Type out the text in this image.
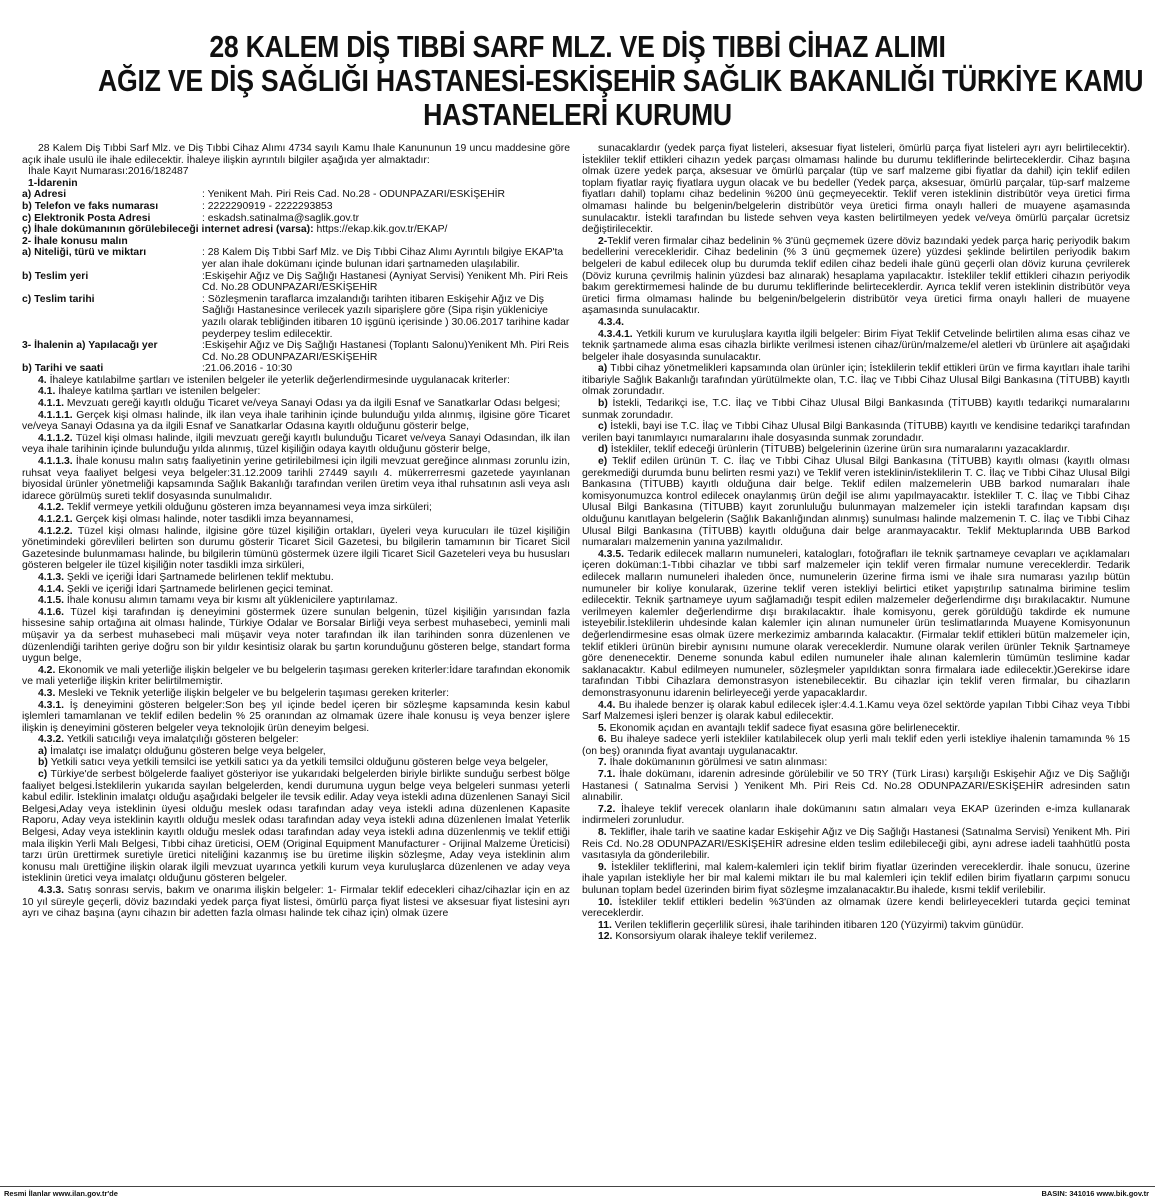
28 KALEM DİŞ TIBBİ SARF MLZ. VE DİŞ TIBBİ CİHAZ ALIMI
AĞIZ VE DİŞ SAĞLIĞI HASTANESİ-ESKİŞEHİR SAĞLIK BAKANLIĞI TÜRKİYE KAMU
HASTANELERİ KURUMU

28 Kalem Diş Tıbbi Sarf Mlz. ve Diş Tıbbi Cihaz Alımı 4734 sayılı Kamu İhale Kanununun 19 uncu maddesine göre açık ihale usulü ile ihale edilecektir. İhaleye ilişkin ayrıntılı bilgiler aşağıda yer almaktadır:

İhale Kayıt Numarası:2016/182487

1-İdarenin

a) Adresi	: Yenikent Mah. Piri Reis Cad. No.28 - ODUNPAZARI/ESKİŞEHİR
b) Telefon ve faks numarası	: 2222290919 - 2222293853
c) Elektronik Posta Adresi	: eskadsh.satinalma@saglik.gov.tr

ç) İhale dokümanının görülebileceği internet adresi (varsa): https://ekap.kik.gov.tr/EKAP/

2- İhale konusu malın

a) Niteliği, türü ve miktarı	: 28 Kalem Diş Tıbbi Sarf Mlz. ve Diş Tıbbi Cihaz Alımı Ayrıntılı bilgiye EKAP'ta yer alan ihale dokümanı içinde bulunan idari şartnameden ulaşılabilir.
b) Teslim yeri	:Eskişehir Ağız ve Diş Sağlığı Hastanesi (Ayniyat Servisi) Yenikent Mh. Piri Reis Cd. No.28 ODUNPAZARI/ESKİŞEHİR
c) Teslim tarihi	: Sözleşmenin taraflarca imzalandığı tarihten itibaren Eskişehir Ağız ve Diş Sağlığı Hastanesince verilecek yazılı siparişlere göre (Sipa rişin yükleniciye yazılı olarak tebliğinden itibaren 10 işgünü içerisinde ) 30.06.2017 tarihine kadar peyderpey teslim edilecektir.
3- İhalenin a) Yapılacağı yer	:Eskişehir Ağız ve Diş Sağlığı Hastanesi (Toplantı Salonu)Yenikent Mh. Piri Reis Cd. No.28 ODUNPAZARI/ESKİŞEHİR
b) Tarihi ve saati	:21.06.2016 - 10:30

4. İhaleye katılabilme şartları ve istenilen belgeler ile yeterlik değerlendirmesinde uygulanacak kriterler:

4.1. İhaleye katılma şartları ve istenilen belgeler:

4.1.1. Mevzuatı gereği kayıtlı olduğu Ticaret ve/veya Sanayi Odası ya da ilgili Esnaf ve Sanatkarlar Odası belgesi;

4.1.1.1. Gerçek kişi olması halinde, ilk ilan veya ihale tarihinin içinde bulunduğu yılda alınmış, ilgisine göre Ticaret ve/veya Sanayi Odasına ya da ilgili Esnaf ve Sanatkarlar Odasına kayıtlı olduğunu gösterir belge,

4.1.1.2. Tüzel kişi olması halinde, ilgili mevzuatı gereği kayıtlı bulunduğu Ticaret ve/veya Sanayi Odasından, ilk ilan veya ihale tarihinin içinde bulunduğu yılda alınmış, tüzel kişiliğin odaya kayıtlı olduğunu gösterir belge,

4.1.1.3. İhale konusu malın satış faaliyetinin yerine getirilebilmesi için ilgili mevzuat gereğince alınması zorunlu izin, ruhsat veya faaliyet belgesi veya belgeler:31.12.2009 tarihli 27449 sayılı 4. mükerrerresmi gazetede yayınlanan biyosidal ürünler yönetmeliği kapsamında Sağlık Bakanlığı tarafından verilen üretim veya ithal ruhsatının asli veya aslı idarece görülmüş sureti teklif dosyasında sunulmalıdır.

4.1.2. Teklif vermeye yetkili olduğunu gösteren imza beyannamesi veya imza sirküleri;

4.1.2.1. Gerçek kişi olması halinde, noter tasdikli imza beyannamesi,

4.1.2.2. Tüzel kişi olması halinde, ilgisine göre tüzel kişiliğin ortakları, üyeleri veya kurucuları ile tüzel kişiliğin yönetimindeki görevlileri belirten son durumu gösterir Ticaret Sicil Gazetesi, bu bilgilerin tamamının bir Ticaret Sicil Gazetesinde bulunmaması halinde, bu bilgilerin tümünü göstermek üzere ilgili Ticaret Sicil Gazeteleri veya bu hususları gösteren belgeler ile tüzel kişiliğin noter tasdikli imza sirküleri,

4.1.3. Şekli ve içeriği İdari Şartnamede belirlenen teklif mektubu.

4.1.4. Şekli ve içeriği İdari Şartnamede belirlenen geçici teminat.

4.1.5. İhale konusu alımın tamamı veya bir kısmı alt yüklenicilere yaptırılamaz.

4.1.6. Tüzel kişi tarafından iş deneyimini göstermek üzere sunulan belgenin, tüzel kişiliğin yarısından fazla hissesine sahip ortağına ait olması halinde, Türkiye Odalar ve Borsalar Birliği veya serbest muhasebeci, yeminli mali müşavir ya da serbest muhasebeci mali müşavir veya noter tarafından ilk ilan tarihinden sonra düzenlenen ve düzenlendiği tarihten geriye doğru son bir yıldır kesintisiz olarak bu şartın korunduğunu gösteren belge, standart forma uygun belge,

4.2. Ekonomik ve mali yeterliğe ilişkin belgeler ve bu belgelerin taşıması gereken kriterler:İdare tarafından ekonomik ve mali yeterliğe ilişkin kriter belirtilmemiştir.

4.3. Mesleki ve Teknik yeterliğe ilişkin belgeler ve bu belgelerin taşıması gereken kriterler:

4.3.1. İş deneyimini gösteren belgeler:Son beş yıl içinde bedel içeren bir sözleşme kapsamında kesin kabul işlemleri tamamlanan ve teklif edilen bedelin % 25 oranından az olmamak üzere ihale konusu iş veya benzer işlere ilişkin iş deneyimini gösteren belgeler veya teknolojik ürün deneyim belgesi.

4.3.2. Yetkili satıcılığı veya imalatçılığı gösteren belgeler:

a) İmalatçı ise imalatçı olduğunu gösteren belge veya belgeler,

b) Yetkili satıcı veya yetkili temsilci ise yetkili satıcı ya da yetkili temsilci olduğunu gösteren belge veya belgeler,

c) Türkiye'de serbest bölgelerde faaliyet gösteriyor ise yukarıdaki belgelerden biriyle birlikte sunduğu serbest bölge faaliyet belgesi.İsteklilerin yukarıda sayılan belgelerden, kendi durumuna uygun belge veya belgeleri sunması yeterli kabul edilir. İsteklinin imalatçı olduğu aşağıdaki belgeler ile tevsik edilir. Aday veya istekli adına düzenlenen Sanayi Sicil Belgesi,Aday veya isteklinin üyesi olduğu meslek odası tarafından aday veya istekli adına düzenlenen Kapasite Raporu, Aday veya isteklinin kayıtlı olduğu meslek odası tarafından aday veya istekli adına düzenlenen İmalat Yeterlik Belgesi, Aday veya isteklinin kayıtlı olduğu meslek odası tarafından aday veya istekli adına düzenlenmiş ve teklif ettiği mala ilişkin Yerli Malı Belgesi, Tıbbi cihaz üreticisi, OEM (Original Equipment Manufacturer - Orijinal Malzeme Üreticisi) tarzı ürün ürettirmek suretiyle üretici niteliğini kazanmış ise bu üretime ilişkin sözleşme, Aday veya isteklinin alım konusu malı ürettiğine ilişkin olarak ilgili mevzuat uyarınca yetkili kurum veya kuruluşlarca düzenlenen ve aday veya isteklinin üretici veya imalatçı olduğunu gösteren belgeler.

4.3.3. Satış sonrası servis, bakım ve onarıma ilişkin belgeler: 1- Firmalar teklif edecekleri cihaz/cihazlar için en az 10 yıl süreyle geçerli, döviz bazındaki yedek parça fiyat listesi, ömürlü parça fiyat listesi ve aksesuar fiyat listesini ayrı ayrı ve cihaz başına (aynı cihazın bir adetten fazla olması halinde tek cihaz için) olmak üzere

sunacaklardır (yedek parça fiyat listeleri, aksesuar fiyat listeleri, ömürlü parça fiyat listeleri ayrı ayrı belirtilecektir). İstekliler teklif ettikleri cihazın yedek parçası olmaması halinde bu durumu tekliflerinde belirteceklerdir. Cihaz başına olmak üzere yedek parça, aksesuar ve ömürlü parçalar (tüp ve sarf malzeme gibi fiyatlar da dahil) için teklif edilen toplam fiyatlar rayiç fiyatlara uygun olacak ve bu bedeller (Yedek parça, aksesuar, ömürlü parçalar, tüp-sarf malzeme fiyatları dahil) toplamı cihaz bedelinin %200 ünü geçmeyecektir. Teklif veren isteklinin distribütör veya üretici firma olmaması halinde bu belgenin/belgelerin distribütör veya üretici firma onaylı halleri de muayene aşamasında sunulacaktır. İstekli tarafından bu listede sehven veya kasten belirtilmeyen yedek ve/veya ömürlü parçalar ücretsiz değiştirilecektir.

2-Teklif veren firmalar cihaz bedelinin % 3'ünü geçmemek üzere döviz bazındaki yedek parça hariç periyodik bakım bedellerini verecekleridir. Cihaz bedelinin (% 3 ünü geçmemek üzere) yüzdesi şeklinde belirtilen periyodik bakım belgeleri de kabul edilecek olup bu durumda teklif edilen cihaz bedeli ihale günü geçerli olan döviz kuruna çevrilerek (Döviz kuruna çevrilmiş halinin yüzdesi baz alınarak) hesaplama yapılacaktır. İstekliler teklif ettikleri cihazın periyodik bakım gerektirmemesi halinde de bu durumu tekliflerinde belirteceklerdir. Ayrıca teklif veren isteklinin distribütör veya üretici firma olmaması halinde bu belgenin/belgelerin distribütör veya üretici firma onaylı halleri de muayene aşamasında sunulacaktır.

4.3.4.

4.3.4.1. Yetkili kurum ve kuruluşlara kayıtla ilgili belgeler: Birim Fiyat Teklif Cetvelinde belirtilen alıma esas cihaz ve teknik şartnamede alıma esas cihazla birlikte verilmesi istenen cihaz/ürün/malzeme/el aletleri vb ürünlere ait aşağıdaki belgeler ihale dosyasında sunulacaktır.

a) Tıbbi cihaz yönetmelikleri kapsamında olan ürünler için; İsteklilerin teklif ettikleri ürün ve firma kayıtları ihale tarihi itibariyle Sağlık Bakanlığı tarafından yürütülmekte olan, T.C. İlaç ve Tıbbi Cihaz Ulusal Bilgi Bankasına (TİTUBB) kayıtlı olmak zorundadır.

b) İstekli, Tedarikçi ise, T.C. İlaç ve Tıbbi Cihaz Ulusal Bilgi Bankasında (TİTUBB) kayıtlı tedarikçi numaralarını sunmak zorundadır.

c) İstekli, bayi ise T.C. İlaç ve Tıbbi Cihaz Ulusal Bilgi Bankasında (TİTUBB) kayıtlı ve kendisine tedarikçi tarafından verilen bayi tanımlayıcı numaralarını ihale dosyasında sunmak zorundadır.

d) İstekliler, teklif edeceği ürünlerin (TİTUBB) belgelerinin üzerine ürün sıra numaralarını yazacaklardır.

e) Teklif edilen ürünün T. C. İlaç ve Tıbbi Cihaz Ulusal Bilgi Bankasına (TİTUBB) kayıtlı olması (kayıtlı olması gerekmediği durumda bunu belirten resmi yazı) ve Teklif veren isteklinin/isteklilerin T. C. İlaç ve Tıbbi Cihaz Ulusal Bilgi Bankasına (TİTUBB) kayıtlı olduğuna dair belge. Teklif edilen malzemelerin UBB barkod numaraları ihale komisyonumuzca kontrol edilecek onaylanmış ürün değil ise alımı yapılmayacaktır. İstekliler T. C. İlaç ve Tıbbi Cihaz Ulusal Bilgi Bankasına (TİTUBB) kayıt zorunluluğu bulunmayan malzemeler için istekli tarafından kapsam dışı olduğunu kanıtlayan belgelerin (Sağlık Bakanlığından alınmış) sunulması halinde malzemenin T. C. İlaç ve Tıbbi Cihaz Ulusal Bilgi Bankasına (TİTUBB) kayıtlı olduğuna dair belge aranmayacaktır. Teklif Mektuplarında UBB Barkod numaraları malzemenin yanına yazılmalıdır.

4.3.5. Tedarik edilecek malların numuneleri, katalogları, fotoğrafları ile teknik şartnameye cevapları ve açıklamaları içeren doküman:1-Tıbbi cihazlar ve tıbbi sarf malzemeler için teklif veren firmalar numune vereceklerdir. Tedarik edilecek malların numuneleri ihaleden önce, numunelerin üzerine firma ismi ve ihale sıra numarası yazılıp bütün numuneler bir koliye konularak, üzerine teklif veren istekliyi belirtici etiket yapıştırılıp satınalma birimine teslim edilecektir. Teknik şartnameye uyum sağlamadığı tespit edilen malzemeler değerlendirme dışı bırakılacaktır. Numune verilmeyen kalemler değerlendirme dışı bırakılacaktır. İhale komisyonu, gerek görüldüğü takdirde ek numune isteyebilir.İsteklilerin uhdesinde kalan kalemler için alınan numuneler ürün teslimatlarında Muayene Komisyonunun değerlendirmesine esas olmak üzere merkezimiz ambarında kalacaktır. (Firmalar teklif ettikleri bütün malzemeler için, teklif etikleri ürünün birebir aynısını numune olarak vereceklerdir. Numune olarak verilen ürünler Teknik Şartnameye göre denenecektir. Deneme sonunda kabul edilen numuneler ihale alınan kalemlerin tümümün teslimine kadar saklanacaktır. Kabul edilmeyen numuneler, sözleşmeler yapıldıktan sonra firmalara iade edilecektir.)Gerekirse idare tarafından Tıbbi Cihazlara demonstrasyon istenebilecektir. Bu cihazlar için teklif veren firmalar, bu cihazların demonstrasyonunu idarenin belirleyeceği yerde yapacaklardır.

4.4. Bu ihalede benzer iş olarak kabul edilecek işler:4.4.1.Kamu veya özel sektörde yapılan Tıbbi Cihaz veya Tıbbi Sarf Malzemesi işleri benzer iş olarak kabul edilecektir.

5. Ekonomik açıdan en avantajlı teklif sadece fiyat esasına göre belirlenecektir.

6. Bu ihaleye sadece yerli istekliler katılabilecek olup yerli malı teklif eden yerli istekliye ihalenin tamamında % 15 (on beş) oranında fiyat avantajı uygulanacaktır.

7. İhale dokümanının görülmesi ve satın alınması:

7.1. İhale dokümanı, idarenin adresinde görülebilir ve 50 TRY (Türk Lirası) karşılığı Eskişehir Ağız ve Diş Sağlığı Hastanesi ( Satınalma Servisi ) Yenikent Mh. Piri Reis Cd. No.28 ODUNPAZARI/ESKİŞEHİR adresinden satın alınabilir.

7.2. İhaleye teklif verecek olanların ihale dokümanını satın almaları veya EKAP üzerinden e-imza kullanarak indirmeleri zorunludur.

8. Teklifler, ihale tarih ve saatine kadar Eskişehir Ağız ve Diş Sağlığı Hastanesi (Satınalma Servisi) Yenikent Mh. Piri Reis Cd. No.28 ODUNPAZARI/ESKİŞEHİR adresine elden teslim edilebileceği gibi, aynı adrese iadeli taahhütlü posta vasıtasıyla da gönderilebilir.

9. İstekliler tekliflerini, mal kalem-kalemleri için teklif birim fiyatlar üzerinden vereceklerdir. İhale sonucu, üzerine ihale yapılan istekliyle her bir mal kalemi miktarı ile bu mal kalemleri için teklif edilen birim fiyatların çarpımı sonucu bulunan toplam bedel üzerinden birim fiyat sözleşme imzalanacaktır.Bu ihalede, kısmi teklif verilebilir.

10. İstekliler teklif ettikleri bedelin %3'ünden az olmamak üzere kendi belirleyecekleri tutarda geçici teminat vereceklerdir.

11. Verilen tekliflerin geçerlilik süresi, ihale tarihinden itibaren 120 (Yüzyirmi) takvim günüdür.

12. Konsorsiyum olarak ihaleye teklif verilemez.

Resmi İlanlar www.ilan.gov.tr'de	BASIN: 341016 www.bik.gov.tr
